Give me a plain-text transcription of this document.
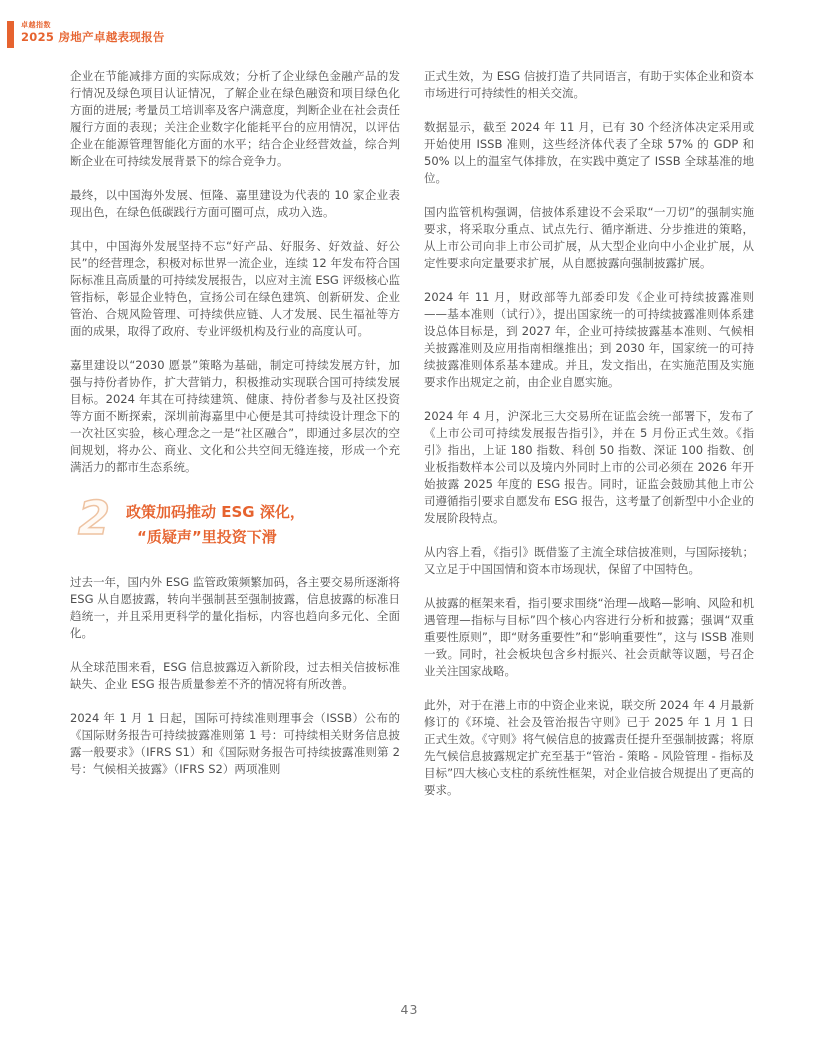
卓越指数
2025 房地产卓越表现报告

企业在节能减排方面的实际成效；分析了企业绿色金融产品的发行情况及绿色项目认证情况，了解企业在绿色融资和项目绿色化方面的进展; 考量员工培训率及客户满意度，判断企业在社会责任履行方面的表现；关注企业数字化能耗平台的应用情况，以评估企业在能源管理智能化方面的水平；结合企业经营效益，综合判断企业在可持续发展背景下的综合竞争力。

最终，以中国海外发展、恒隆、嘉里建设为代表的 10 家企业表现出色，在绿色低碳践行方面可圈可点，成功入选。

其中，中国海外发展坚持不忘“好产品、好服务、好效益、好公民”的经营理念，积极对标世界一流企业，连续 12 年发布符合国际标准且高质量的可持续发展报告，以应对主流 ESG 评级核心监管指标，彰显企业特色，宣扬公司在绿色建筑、创新研发、企业管治、合规风险管理、可持续供应链、人才发展、民生福祉等方面的成果，取得了政府、专业评级机构及行业的高度认可。

嘉里建设以“2030 愿景”策略为基础，制定可持续发展方针，加强与持份者协作，扩大营销力，积极推动实现联合国可持续发展目标。2024 年其在可持续建筑、健康、持份者参与及社区投资等方面不断探索，深圳前海嘉里中心便是其可持续设计理念下的一次社区实验，核心理念之一是“社区融合”，即通过多层次的空间规划，将办公、商业、文化和公共空间无缝连接，形成一个充满活力的都市生态系统。

2 政策加码推动 ESG 深化，
“质疑声”里投资下滑

过去一年，国内外 ESG 监管政策频繁加码，各主要交易所逐渐将 ESG 从自愿披露，转向半强制甚至强制披露，信息披露的标准日趋统一，并且采用更科学的量化指标，内容也趋向多元化、全面化。

从全球范围来看，ESG 信息披露迈入新阶段，过去相关信披标准缺失、企业 ESG 报告质量参差不齐的情况将有所改善。

2024 年 1 月 1 日起，国际可持续准则理事会（ISSB）公布的《国际财务报告可持续披露准则第 1 号：可持续相关财务信息披露一般要求》（IFRS S1）和《国际财务报告可持续披露准则第 2 号：气候相关披露》（IFRS S2）两项准则

正式生效，为 ESG 信披打造了共同语言，有助于实体企业和资本市场进行可持续性的相关交流。

数据显示，截至 2024 年 11 月，已有 30 个经济体决定采用或开始使用 ISSB 准则，这些经济体代表了全球 57% 的 GDP 和 50% 以上的温室气体排放，在实践中奠定了 ISSB 全球基准的地位。

国内监管机构强调，信披体系建设不会采取“一刀切”的强制实施要求，将采取分重点、试点先行、循序渐进、分步推进的策略，从上市公司向非上市公司扩展，从大型企业向中小企业扩展，从定性要求向定量要求扩展，从自愿披露向强制披露扩展。

2024 年 11 月，财政部等九部委印发《企业可持续披露准则——基本准则（试行）》，提出国家统一的可持续披露准则体系建设总体目标是，到 2027 年，企业可持续披露基本准则、气候相关披露准则及应用指南相继推出；到 2030 年，国家统一的可持续披露准则体系基本建成。并且，发文指出，在实施范围及实施要求作出规定之前，由企业自愿实施。

2024 年 4 月，沪深北三大交易所在证监会统一部署下，发布了《上市公司可持续发展报告指引》，并在 5 月份正式生效。《指引》指出，上证 180 指数、科创 50 指数、深证 100 指数、创业板指数样本公司以及境内外同时上市的公司必须在 2026 年开始披露 2025 年度的 ESG 报告。同时，证监会鼓励其他上市公司遵循指引要求自愿发布 ESG 报告，这考量了创新型中小企业的发展阶段特点。

从内容上看，《指引》既借鉴了主流全球信披准则，与国际接轨；又立足于中国国情和资本市场现状，保留了中国特色。

从披露的框架来看，指引要求围绕“治理—战略—影响、风险和机遇管理—指标与目标”四个核心内容进行分析和披露；强调“双重重要性原则”，即“财务重要性”和“影响重要性”，这与 ISSB 准则一致。同时，社会板块包含乡村振兴、社会贡献等议题，号召企业关注国家战略。

此外，对于在港上市的中资企业来说，联交所 2024 年 4 月最新修订的《环境、社会及管治报告守则》已于 2025 年 1 月 1 日正式生效。《守则》将气候信息的披露责任提升至强制披露；将原先气候信息披露规定扩充至基于“管治 - 策略 - 风险管理 - 指标及目标”四大核心支柱的系统性框架，对企业信披合规提出了更高的要求。

43
